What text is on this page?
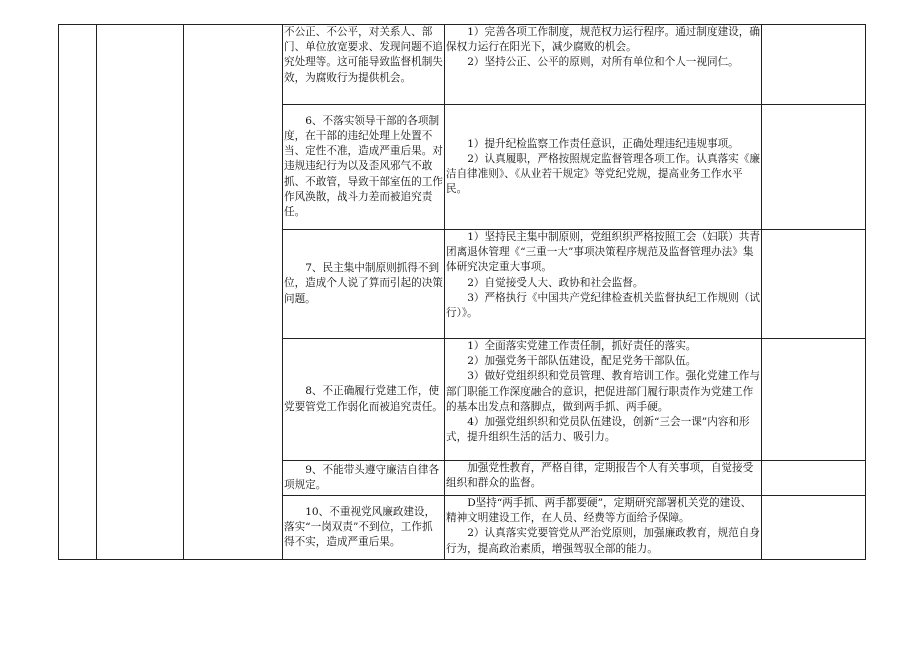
			不公正、不公平，对关系人、部门、单位放宽要求、发现问题不追究处理等。这可能导致监督机制失效，为腐败行为提供机会。	1）完善各项工作制度，规范权力运行程序。通过制度建设，确保权力运行在阳光下，减少腐败的机会。

2）坚持公正、公平的原则，对所有单位和个人一视同仁。	

			6、不落实领导干部的各项制度，在干部的违纪处理上处置不当、定性不准，造成严重后果。对违规违纪行为以及歪风邪气不敢抓、不敢管，导致干部室伍的工作作风涣散，战斗力差而被追究责任。	1）提升纪检监察工作责任意识，正确处理违纪违规事项。

2）认真履职，严格按照规定监督管理各项工作。认真落实《廉洁自律准则》、《从业若干规定》等党纪党规，提高业务工作水平民。	

			7、民主集中制原则抓得不到位，造成个人说了算而引起的决策问题。	1）坚持民主集中制原则，党组织织严格按照工会（妇联）共青团离退休管理《“三重一大”事项决策程序规范及监督管理办法》集体研究决定重大事项。

2）自觉接受人大、政协和社会监督。

3）严格执行《中国共产党纪律检查机关监督执纪工作规则（试行）》。	

			8、不正确履行党建工作，使党要管党工作弱化而被追究责任。	1）全面落实党建工作责任制，抓好责任的落实。

2）加强党务干部队伍建设，配足党务干部队伍。

3）做好党组织织和党员管理、教育培训工作。强化党建工作与部门职能工作深度融合的意识，把促进部门履行职责作为党建工作的基本出发点和落脚点，做到两手抓、两手硬。

4）加强党组织织和党员队伍建设，创新“三会一课”内容和形式，提升组织生活的活力、吸引力。	

			9、不能带头遵守廉洁自律各项规定。	加强党性教育，严格自律，定期报告个人有关事项，自觉接受组织和群众的监督。	

			10、不重视党风廉政建设，落实“一岗双责”不到位，工作抓得不实，造成严重后果。	D坚持“两手抓、两手都要硬”，定期研究部署机关党的建设、精神文明建设工作，在人员、经费等方面给予保障。

2）认真落实党要管党从严治党原则，加强廉政教育，规范自身行为，提高政治素质，增强驾驭全部的能力。	
